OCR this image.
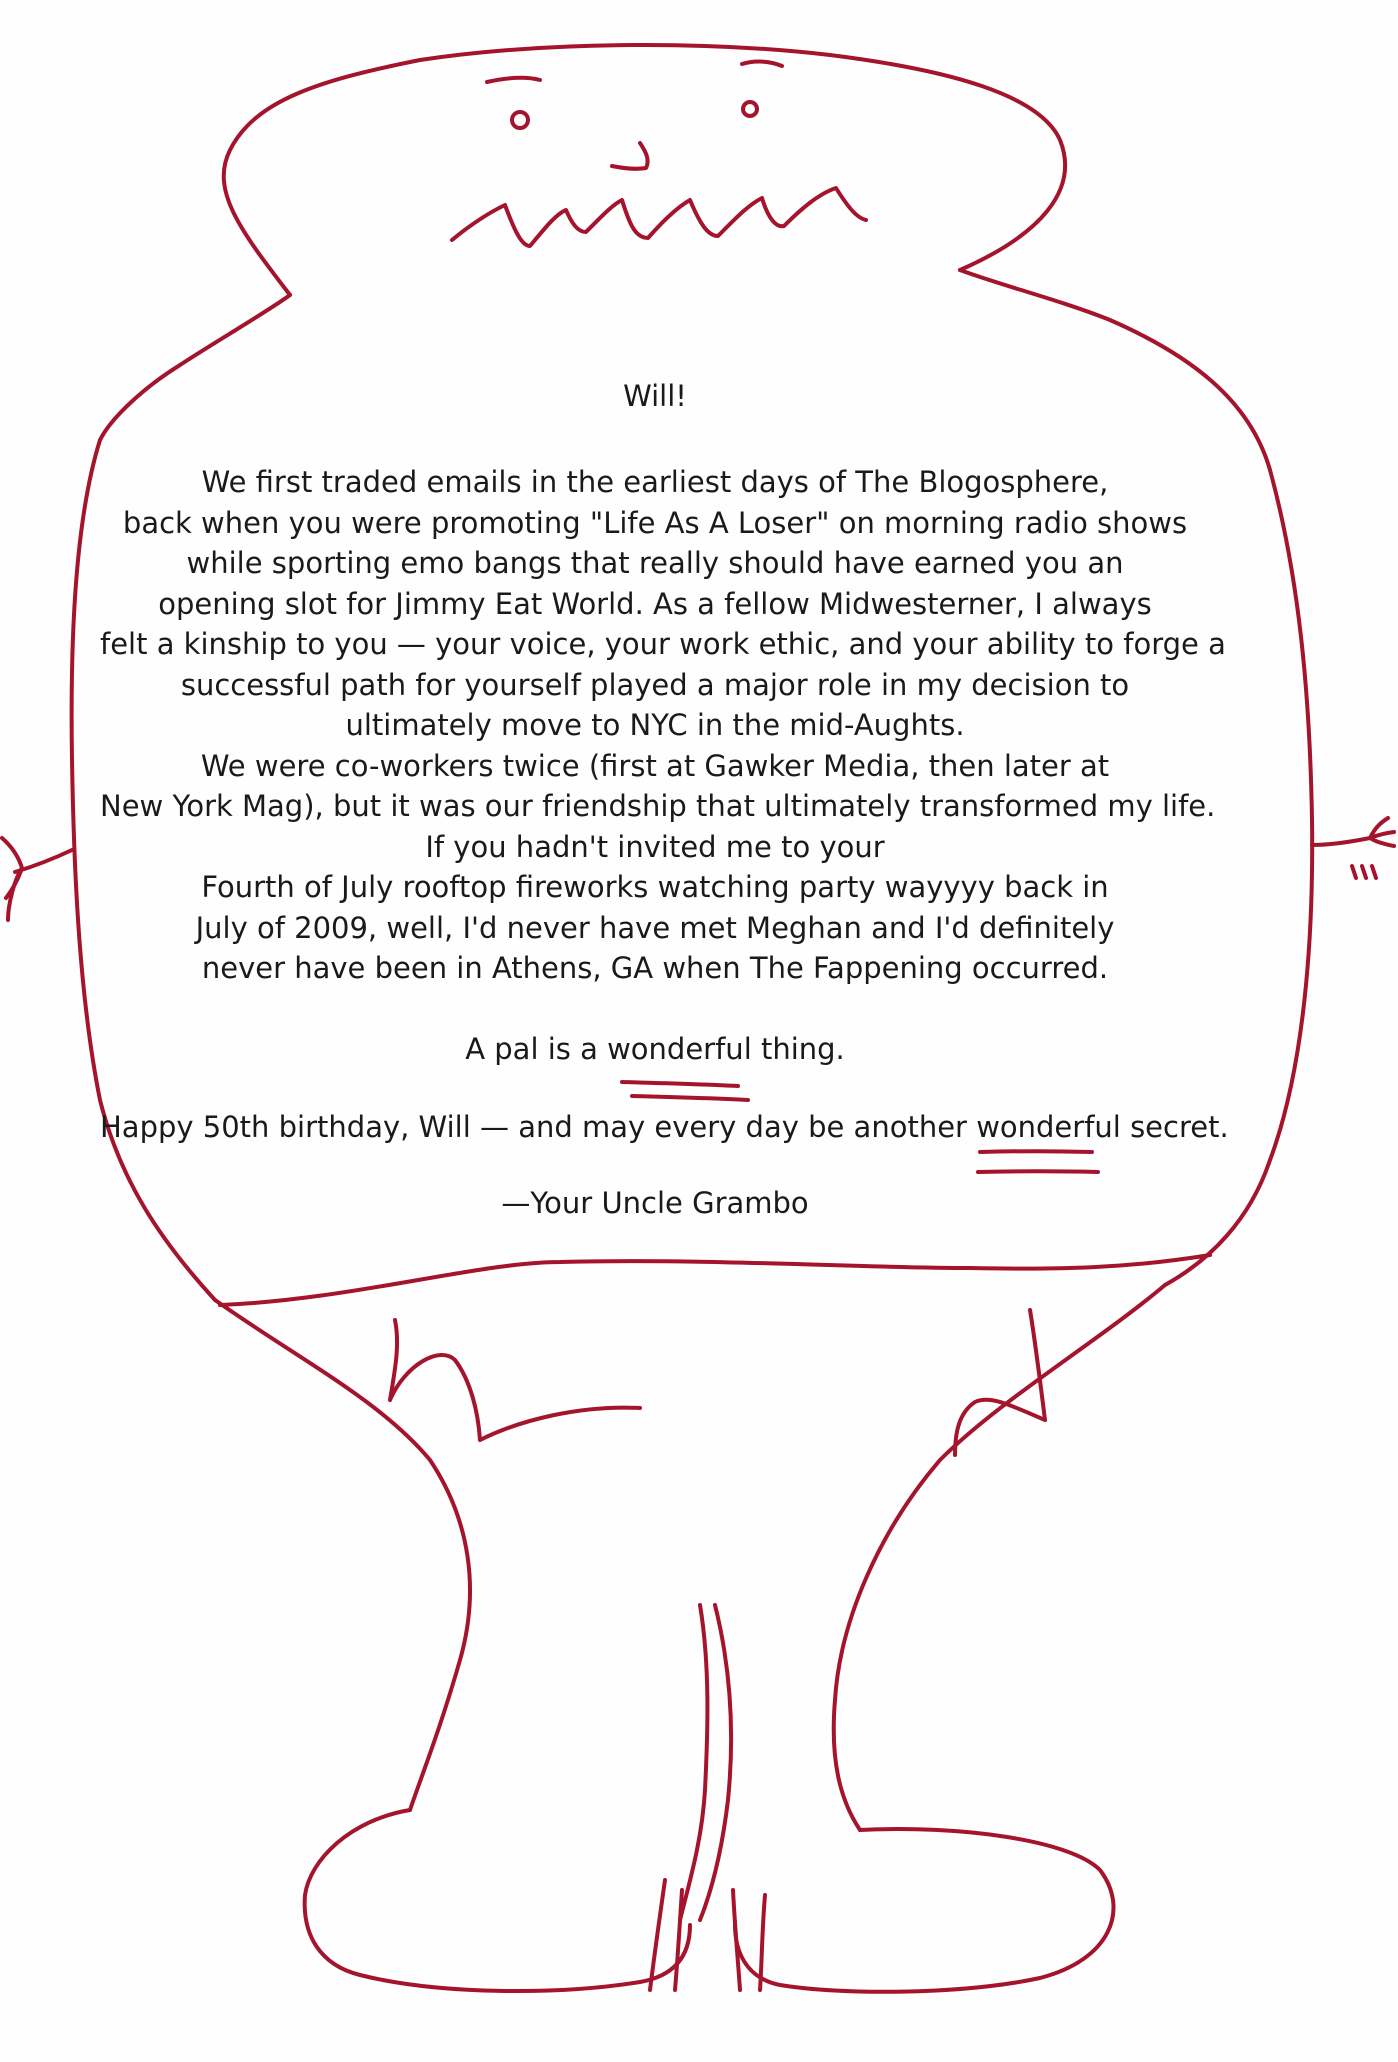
Will!
We first traded emails in the earliest days of The Blogosphere,
back when you were promoting "Life As A Loser" on morning radio shows
while sporting emo bangs that really should have earned you an
opening slot for Jimmy Eat World. As a fellow Midwesterner, I always
felt a kinship to you — your voice, your work ethic, and your ability to forge a
successful path for yourself played a major role in my decision to
ultimately move to NYC in the mid-Aughts.
We were co-workers twice (first at Gawker Media, then later at
New York Mag), but it was our friendship that ultimately transformed my life.
If you hadn't invited me to your
Fourth of July rooftop fireworks watching party wayyyy back in
July of 2009, well, I'd never have met Meghan and I'd definitely
never have been in Athens, GA when The Fappening occurred.
A pal is a wonderful thing.
Happy 50th birthday, Will — and may every day be another wonderful secret.
—Your Uncle Grambo
